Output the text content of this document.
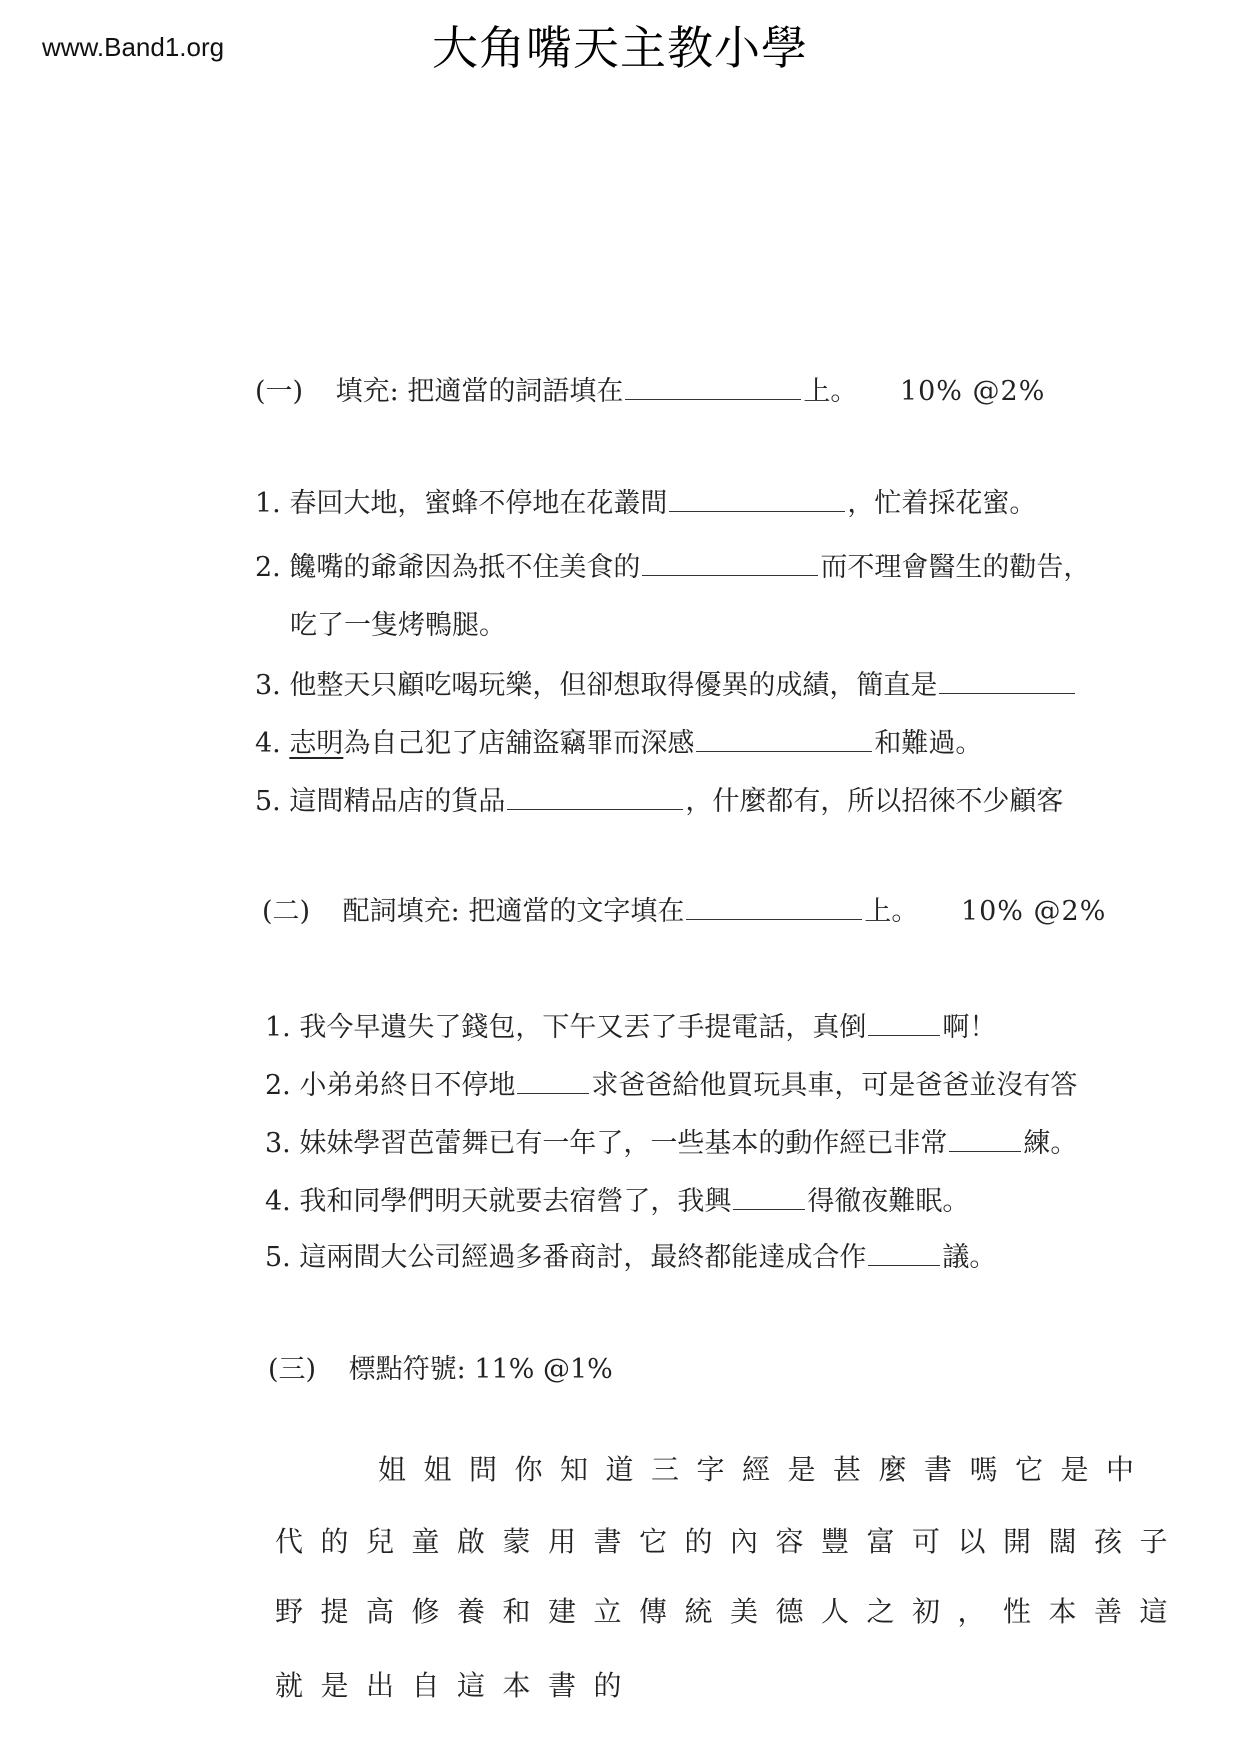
www.Band1.org	大角嘴天主教小學
(一) 填充: 把適當的詞語填在	上。 10% @2%
1. 春回大地，蜜蜂不停地在花叢間	，忙着採花蜜。
2. 饞嘴的爺爺因為抵不住美食的	而不理會醫生的勸告，
吃了一隻烤鴨腿。
3. 他整天只顧吃喝玩樂，但卻想取得優異的成績，簡直是
4. 志明為自己犯了店舖盜竊罪而深感	和難過。
5. 這間精品店的貨品	，什麼都有，所以招徠不少顧客
(二) 配詞填充: 把適當的文字填在	上。 10% @2%
1. 我今早遺失了錢包，下午又丟了手提電話，真倒	啊！
2. 小弟弟終日不停地	求爸爸給他買玩具車，可是爸爸並沒有答
3. 妹妹學習芭蕾舞已有一年了，一些基本的動作經已非常	練。
4. 我和同學們明天就要去宿營了，我興	得徹夜難眠。
5. 這兩間大公司經過多番商討，最終都能達成合作	議。
(三) 標點符號: 11% @1%
姐姐問你知道三字經是甚麼書嗎它是中
代的兒童啟蒙用書它的內容豐富可以開闊孩子
野提高修養和建立傳統美德人之初，性本善這
就是出自這本書的
